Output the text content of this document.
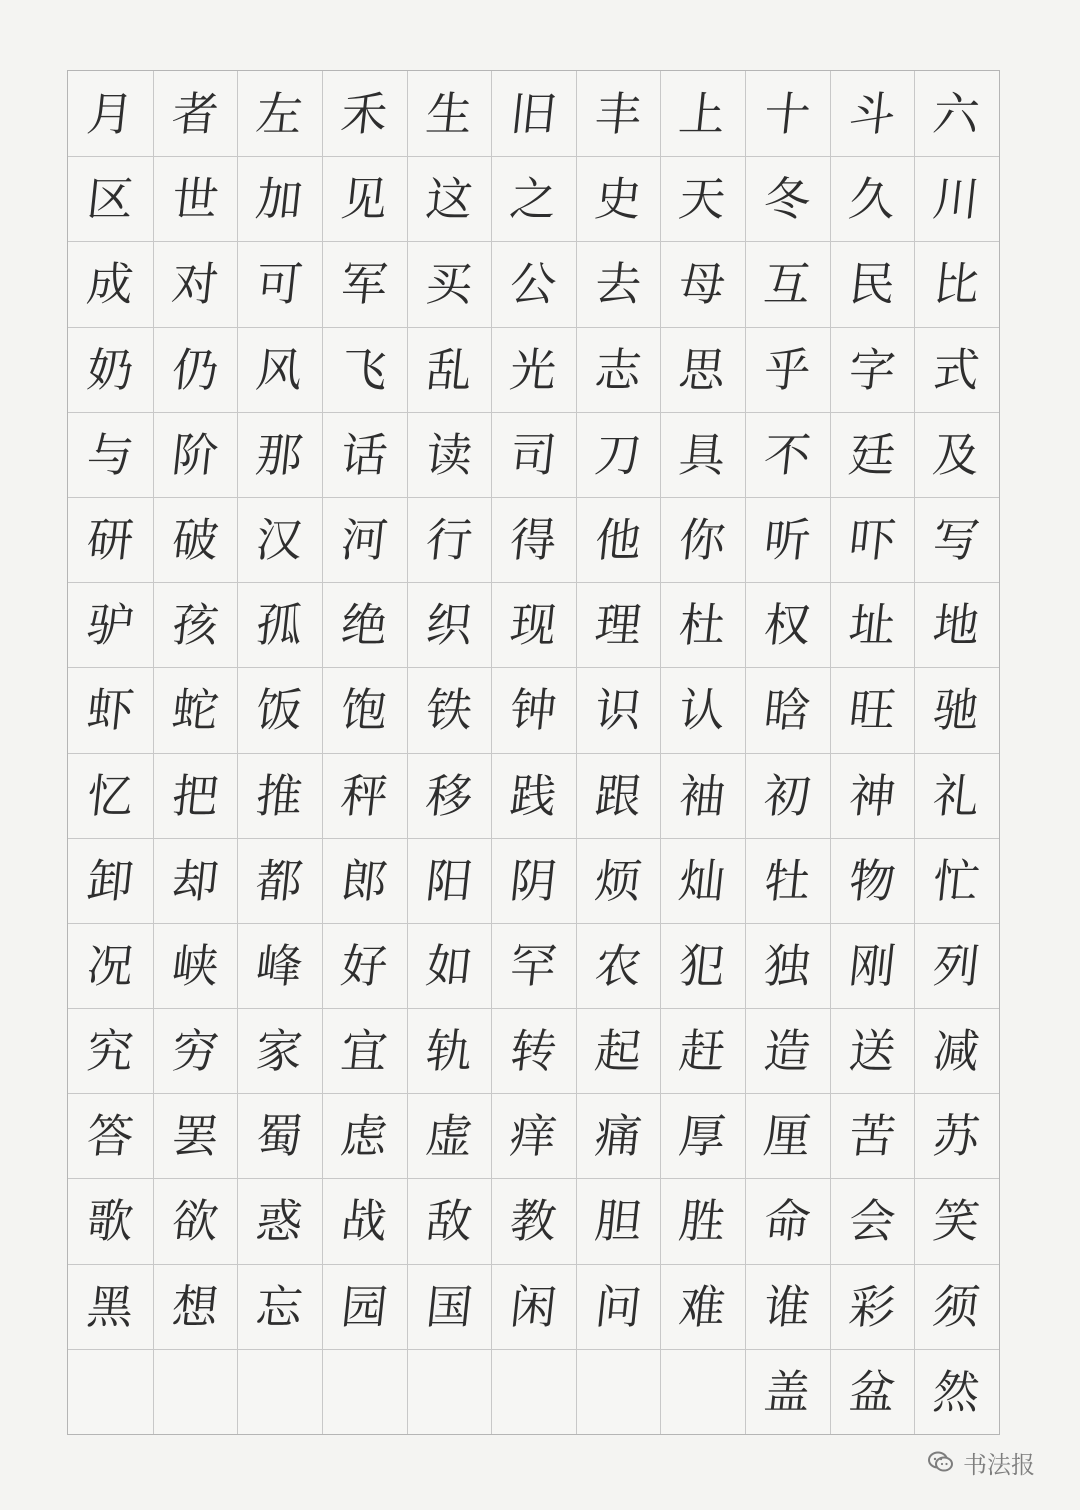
月
区
成
奶
与
研
驴
虾
忆
卸
况
究
答
歌
黑
者
世
对
仍
阶
破
孩
蛇
把
却
峡
穷
罢
欲
想
左
加
可
风
那
汉
孤
饭
推
都
峰
家
蜀
惑
忘
禾
见
军
飞
话
河
绝
饱
秤
郎
好
宜
虑
战
园
生
这
买
乱
读
行
织
铁
移
阳
如
轨
虚
敌
国
旧
之
公
光
司
得
现
钟
践
阴
罕
转
痒
教
闲
丰
史
去
志
刀
他
理
识
跟
烦
农
起
痛
胆
问
上
天
母
思
具
你
杜
认
袖
灿
犯
赶
厚
胜
难
十
冬
互
乎
不
听
权
晗
初
牡
独
造
厘
命
谁
盖
斗
久
民
字
廷
吓
址
旺
神
物
刚
送
苦
会
彩
盆
六
川
比
式
及
写
地
驰
礼
忙
列
减
苏
笑
须
然
书法报
